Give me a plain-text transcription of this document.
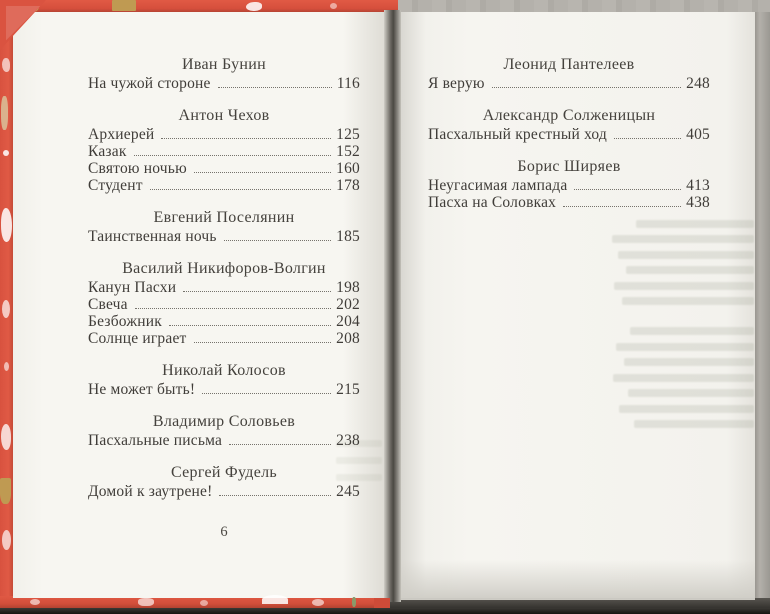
Иван Бунин
На чужой стороне	116
Антон Чехов
Архиерей	125
Казак	152
Святою ночью	160
Студент	178
Евгений Поселянин
Таинственная ночь	185
Василий Никифоров-Волгин
Канун Пасхи	198
Свеча	202
Безбожник	204
Солнце играет	208
Николай Колосов
Не может быть!	215
Владимир Соловьев
Пасхальные письма	238
Сергей Фудель
Домой к заутрене!	245
Леонид Пантелеев
Я верую	248
Александр Солженицын
Пасхальный крестный ход	405
Борис Ширяев
Неугасимая лампада	413
Пасха на Соловках	438
6
